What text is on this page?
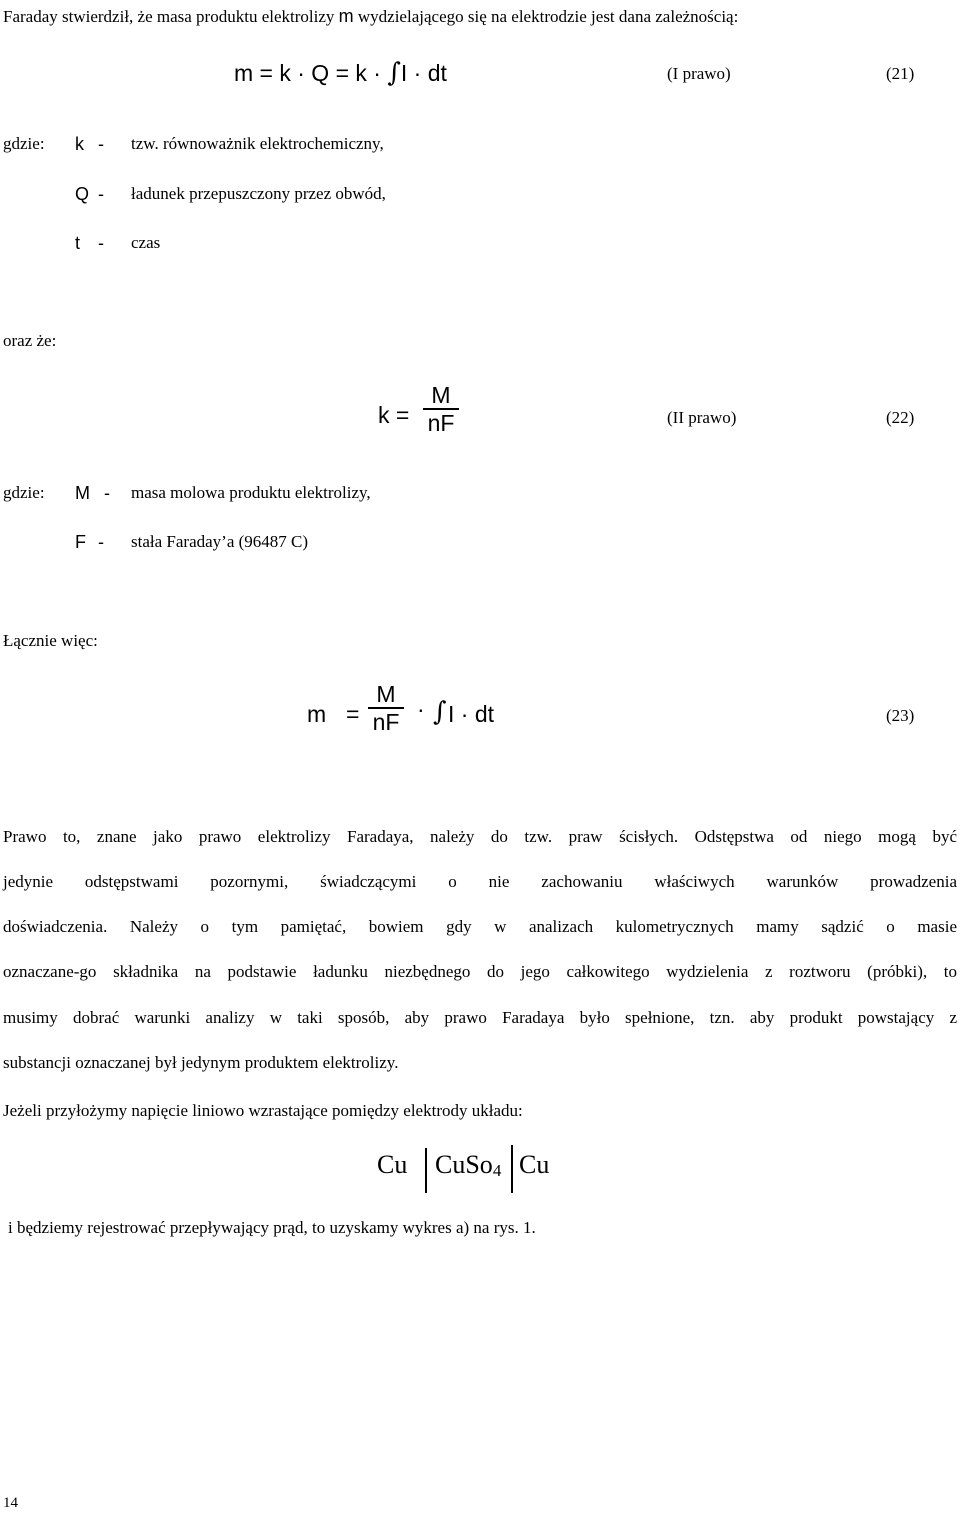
Faraday stwierdził, że masa produktu elektrolizy m wydzielającego się na elektrodzie jest dana zależnością:
m = k · Q = k · ∫I · dt	(I prawo)	(21)
gdzie: k - tzw. równoważnik elektrochemiczny,
Q - ładunek przepuszczony przez obwód,
t - czas
oraz że:
k =
M
nF	(II prawo)	(22)
gdzie: M - masa molowa produktu elektrolizy,
F - stała Faraday’a (96487 C)
Łącznie więc:
m =
M
nF · ∫ I · dt	(23)
Prawo to, znane jako prawo elektrolizy Faradaya, należy do tzw. praw ścisłych. Odstępstwa od niego mogą być
jedynie odstępstwami pozornymi, świadczącymi o nie zachowaniu właściwych warunków prowadzenia
doświadczenia. Należy o tym pamiętać, bowiem gdy w analizach kulometrycznych mamy sądzić o masie
oznaczane-go składnika na podstawie ładunku niezbędnego do jego całkowitego wydzielenia z roztworu (próbki), to
musimy dobrać warunki analizy w taki sposób, aby prawo Faradaya było spełnione, tzn. aby produkt powstający z
substancji oznaczanej był jedynym produktem elektrolizy.
Jeżeli przyłożymy napięcie liniowo wzrastające pomiędzy elektrody układu:
Cu CuSo$_4$ Cu
i będziemy rejestrować przepływający prąd, to uzyskamy wykres a) na rys. 1.
14
